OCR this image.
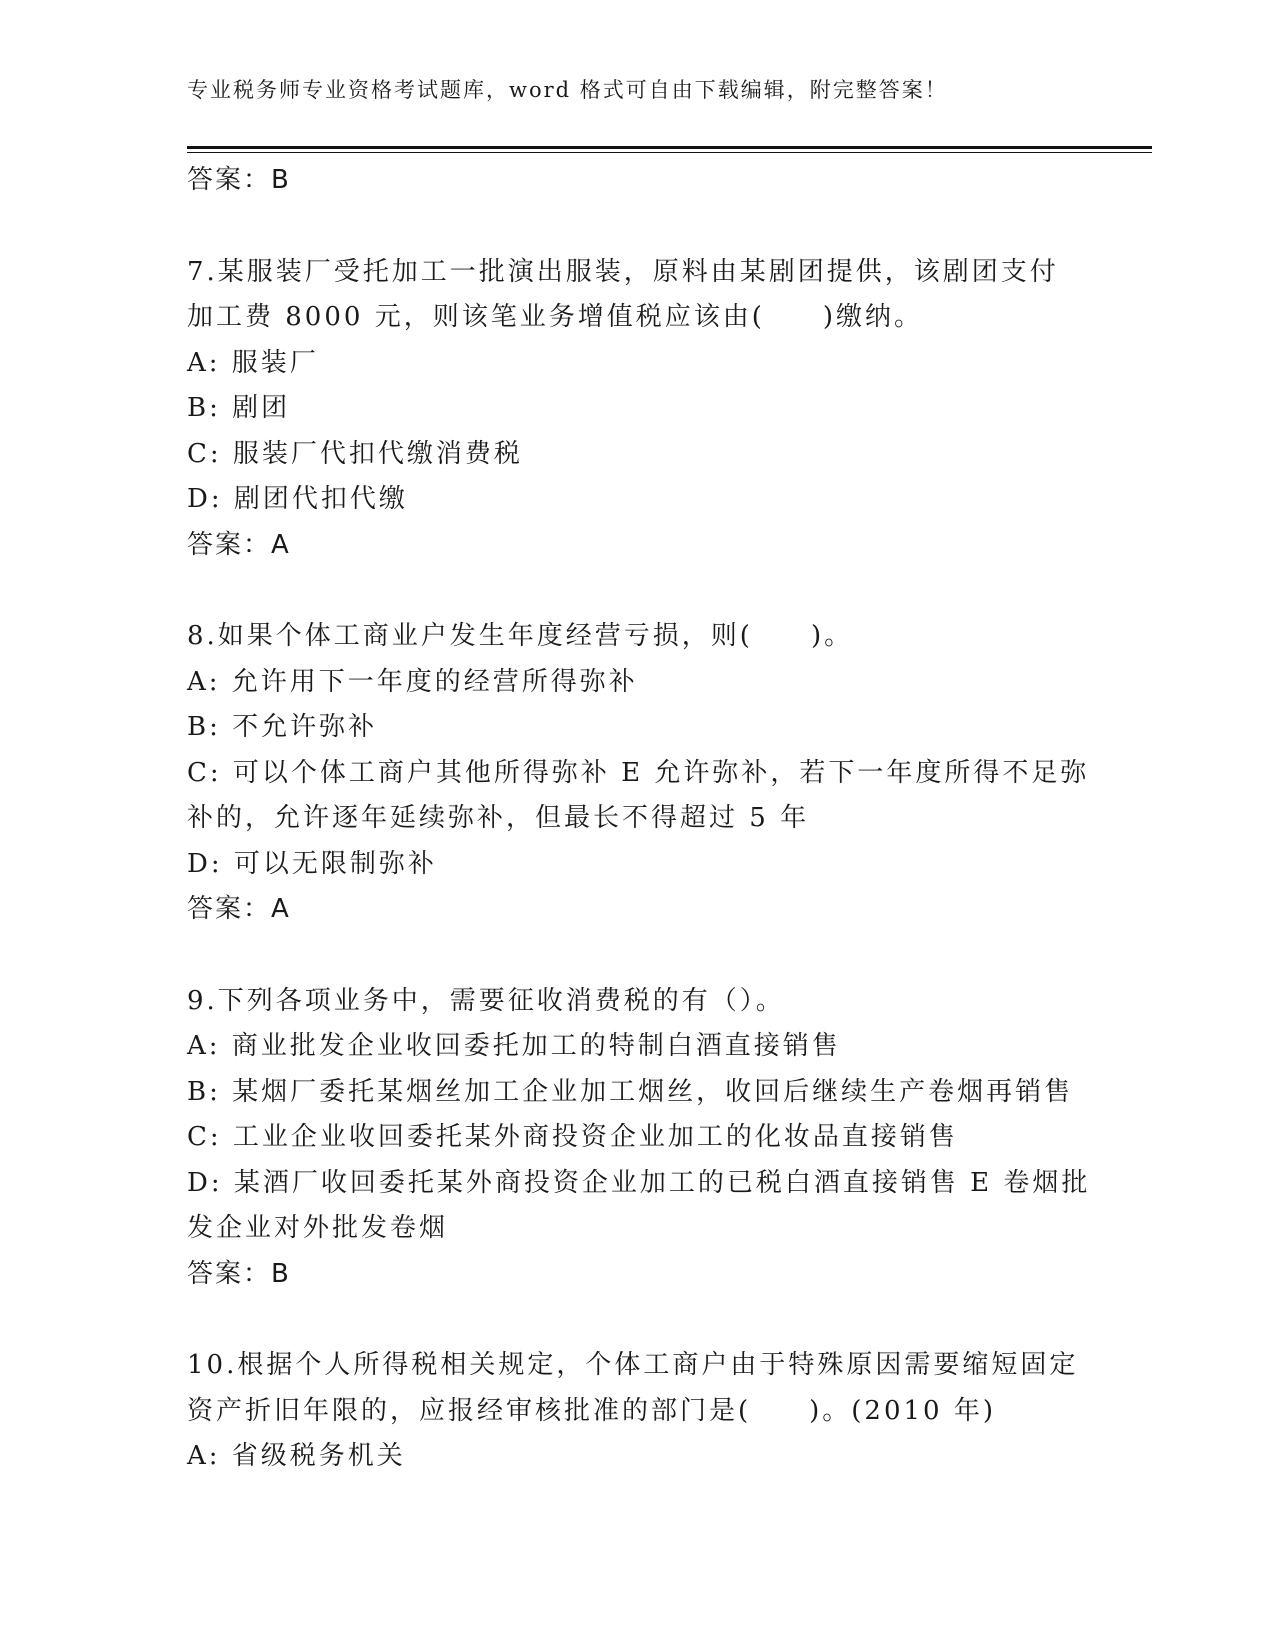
专业税务师专业资格考试题库，word 格式可自由下载编辑，附完整答案！
答案：B
7.某服装厂受托加工一批演出服装，原料由某剧团提供，该剧团支付
加工费 8000 元，则该笔业务增值税应该由(　　)缴纳。
A: 服装厂
B: 剧团
C: 服装厂代扣代缴消费税
D: 剧团代扣代缴
答案：A
8.如果个体工商业户发生年度经营亏损，则(　　)。
A: 允许用下一年度的经营所得弥补
B: 不允许弥补
C: 可以个体工商户其他所得弥补 E 允许弥补，若下一年度所得不足弥
补的，允许逐年延续弥补，但最长不得超过 5 年
D: 可以无限制弥补
答案：A
9.下列各项业务中，需要征收消费税的有（）。
A: 商业批发企业收回委托加工的特制白酒直接销售
B: 某烟厂委托某烟丝加工企业加工烟丝，收回后继续生产卷烟再销售
C: 工业企业收回委托某外商投资企业加工的化妆品直接销售
D: 某酒厂收回委托某外商投资企业加工的已税白酒直接销售 E 卷烟批
发企业对外批发卷烟
答案：B
10.根据个人所得税相关规定，个体工商户由于特殊原因需要缩短固定
资产折旧年限的，应报经审核批准的部门是(　　)。(2010 年)
A: 省级税务机关
